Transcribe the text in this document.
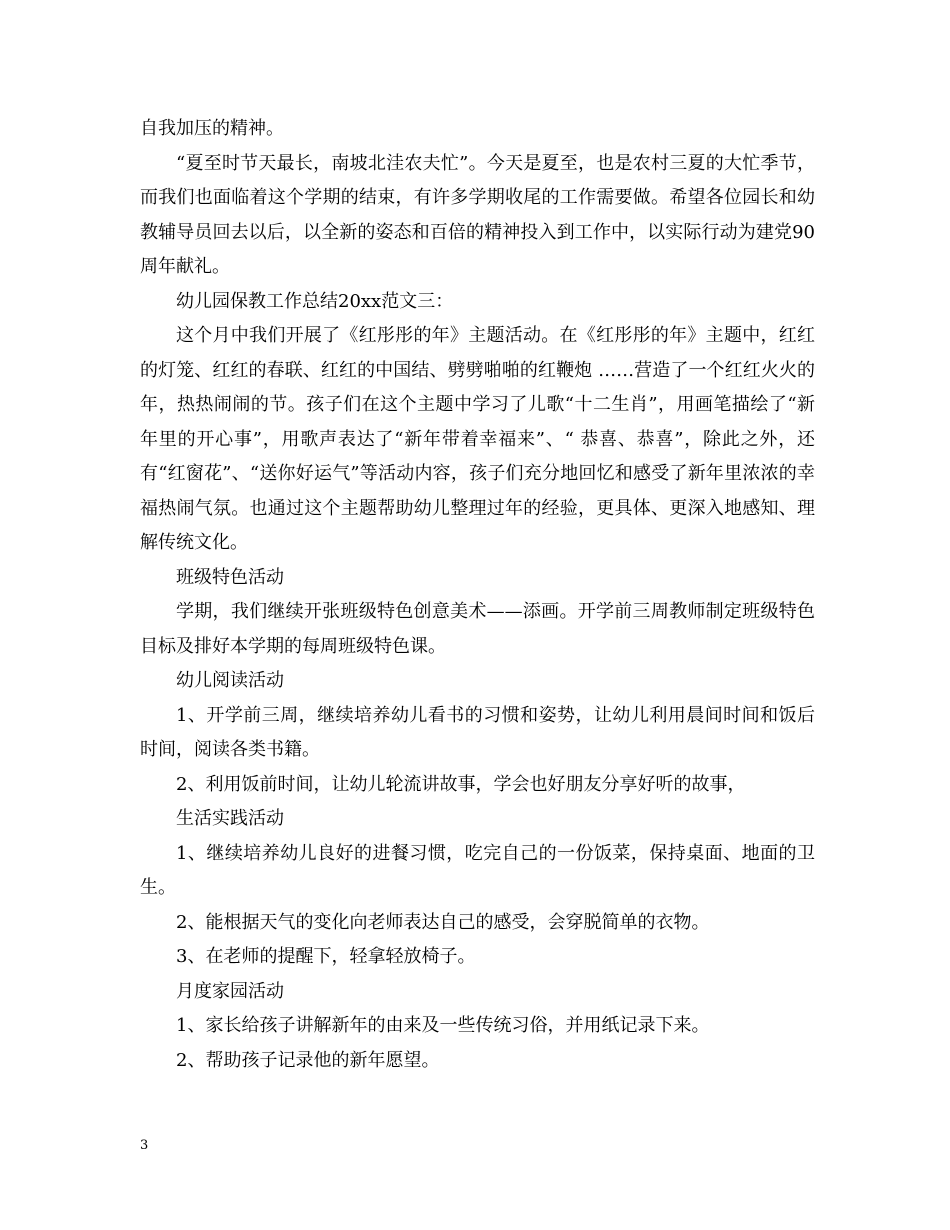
自我加压的精神。

“夏至时节天最长，南坡北洼农夫忙”。今天是夏至，也是农村三夏的大忙季节，而我们也面临着这个学期的结束，有许多学期收尾的工作需要做。希望各位园长和幼教辅导员回去以后，以全新的姿态和百倍的精神投入到工作中，以实际行动为建党90周年献礼。

幼儿园保教工作总结20xx范文三：

这个月中我们开展了《红彤彤的年》主题活动。在《红彤彤的年》主题中，红红的灯笼、红红的春联、红红的中国结、劈劈啪啪的红鞭炮 ……营造了一个红红火火的年，热热闹闹的节。孩子们在这个主题中学习了儿歌“十二生肖”，用画笔描绘了“新年里的开心事”，用歌声表达了“新年带着幸福来”、“ 恭喜、恭喜”，除此之外，还有“红窗花”、“送你好运气”等活动内容，孩子们充分地回忆和感受了新年里浓浓的幸福热闹气氛。也通过这个主题帮助幼儿整理过年的经验，更具体、更深入地感知、理解传统文化。

班级特色活动

学期，我们继续开张班级特色创意美术——添画。开学前三周教师制定班级特色目标及排好本学期的每周班级特色课。

幼儿阅读活动

1、开学前三周，继续培养幼儿看书的习惯和姿势，让幼儿利用晨间时间和饭后时间，阅读各类书籍。

2、利用饭前时间，让幼儿轮流讲故事，学会也好朋友分享好听的故事，

生活实践活动

1、继续培养幼儿良好的进餐习惯，吃完自己的一份饭菜，保持桌面、地面的卫生。

2、能根据天气的变化向老师表达自己的感受，会穿脱简单的衣物。

3、在老师的提醒下，轻拿轻放椅子。

月度家园活动

1、家长给孩子讲解新年的由来及一些传统习俗，并用纸记录下来。

2、帮助孩子记录他的新年愿望。

3
